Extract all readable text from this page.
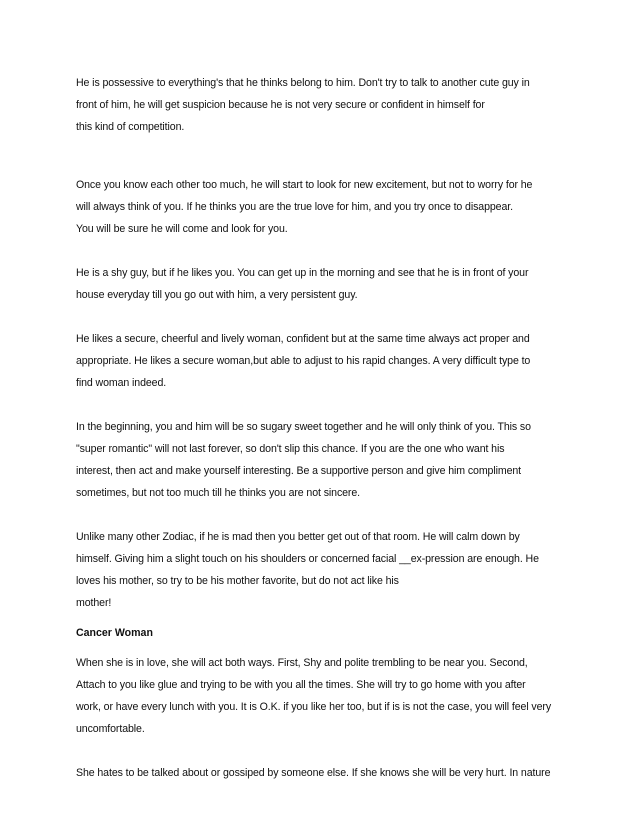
He is possessive to everything's that he thinks belong to him. Don't try to talk to another cute guy in
front of him, he will get suspicion because he is not very secure or confident in himself for
this kind of competition.
Once you know each other too much, he will start to look for new excitement, but not to worry for he
will always think of you. If he thinks you are the true love for him, and you try once to disappear.
You will be sure he will come and look for you.
He is a shy guy, but if he likes you. You can get up in the morning and see that he is in front of your
house everyday till you go out with him, a very persistent guy.
He likes a secure, cheerful and lively woman, confident but at the same time always act proper and
appropriate. He likes a secure woman,but able to adjust to his rapid changes. A very difficult type to
find woman indeed.
In the beginning, you and him will be so sugary sweet together and he will only think of you. This so
"super romantic" will not last forever, so don't slip this chance. If you are the one who want his
interest, then act and make yourself interesting. Be a supportive person and give him compliment
sometimes, but not too much till he thinks you are not sincere.
Unlike many other Zodiac, if he is mad then you better get out of that room. He will calm down by
himself. Giving him a slight touch on his shoulders or concerned facial __ex-pression are enough. He
loves his mother, so try to be his mother favorite, but do not act like his
mother!
Cancer Woman
When she is in love, she will act both ways. First, Shy and polite trembling to be near you. Second,
Attach to you like glue and trying to be with you all the times. She will try to go home with you after
work, or have every lunch with you. It is O.K. if you like her too, but if is is not the case, you will feel very
uncomfortable.
She hates to be talked about or gossiped by someone else. If she knows she will be very hurt. In nature
